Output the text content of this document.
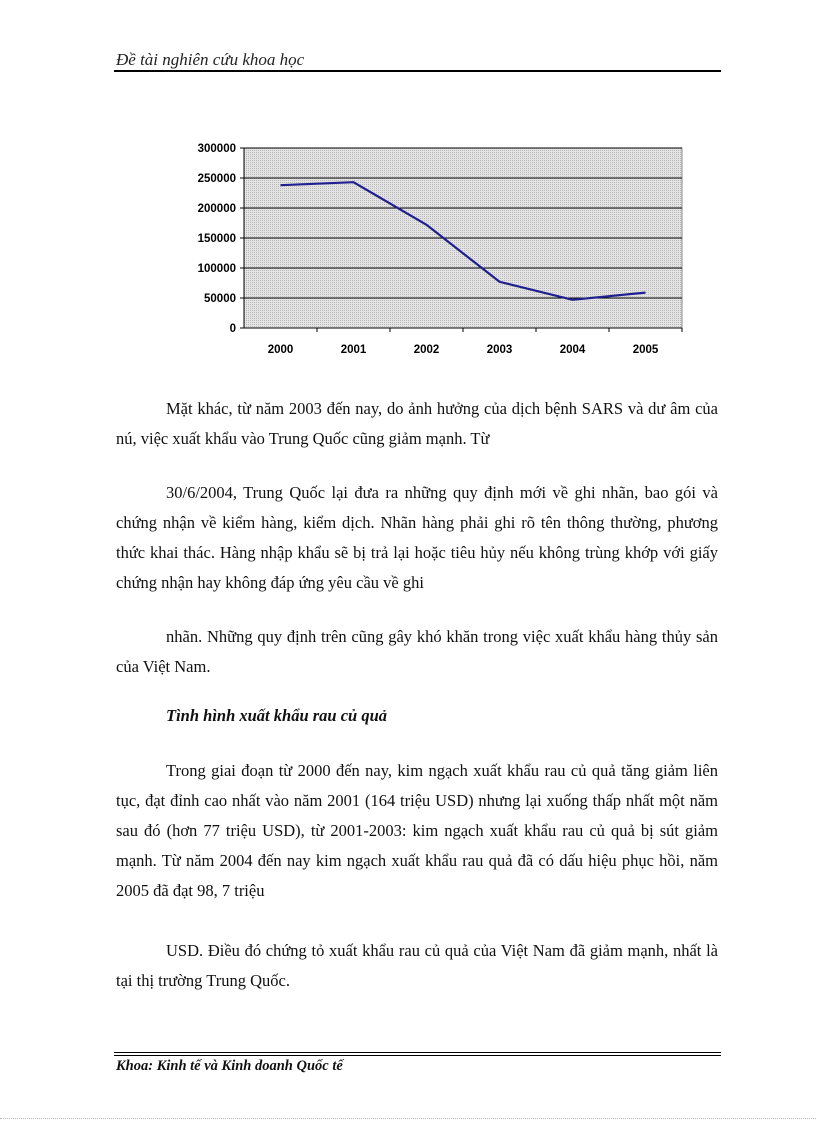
Đề tài nghiên cứu khoa học
300000
250000
200000
150000
100000
50000
0
2000	2001	2002	2003	2004	2005

Mặt khác, từ năm 2003 đến nay, do ảnh hưởng của dịch bệnh SARS và dư âm của nú, việc xuất khẩu vào Trung Quốc cũng giảm mạnh. Từ

30/6/2004, Trung Quốc lại đưa ra những quy định mới về ghi nhãn, bao gói và chứng nhận về kiểm hàng, kiểm dịch. Nhãn hàng phải ghi rõ tên thông thường, phương thức khai thác. Hàng nhập khẩu sẽ bị trả lại hoặc tiêu hủy nếu không trùng khớp với giấy chứng nhận hay không đáp ứng yêu cầu về ghi

nhãn. Những quy định trên cũng gây khó khăn trong việc xuất khẩu hàng thủy sản của Việt Nam.

Tình hình xuất khẩu rau củ quả

Trong giai đoạn từ 2000 đến nay, kim ngạch xuất khẩu rau củ quả tăng giảm liên tục, đạt đỉnh cao nhất vào năm 2001 (164 triệu USD) nhưng lại xuống thấp nhất một năm sau đó (hơn 77 triệu USD), từ 2001-2003: kim ngạch xuất khẩu rau củ quả bị sút giảm mạnh. Từ năm 2004 đến nay kim ngạch xuất khẩu rau quả đã có dấu hiệu phục hồi, năm 2005 đã đạt 98, 7 triệu

USD. Điều đó chứng tỏ xuất khẩu rau củ quả của Việt Nam đã giảm mạnh, nhất là tại thị trường Trung Quốc.

Khoa: Kinh tế và Kinh doanh Quốc tế
